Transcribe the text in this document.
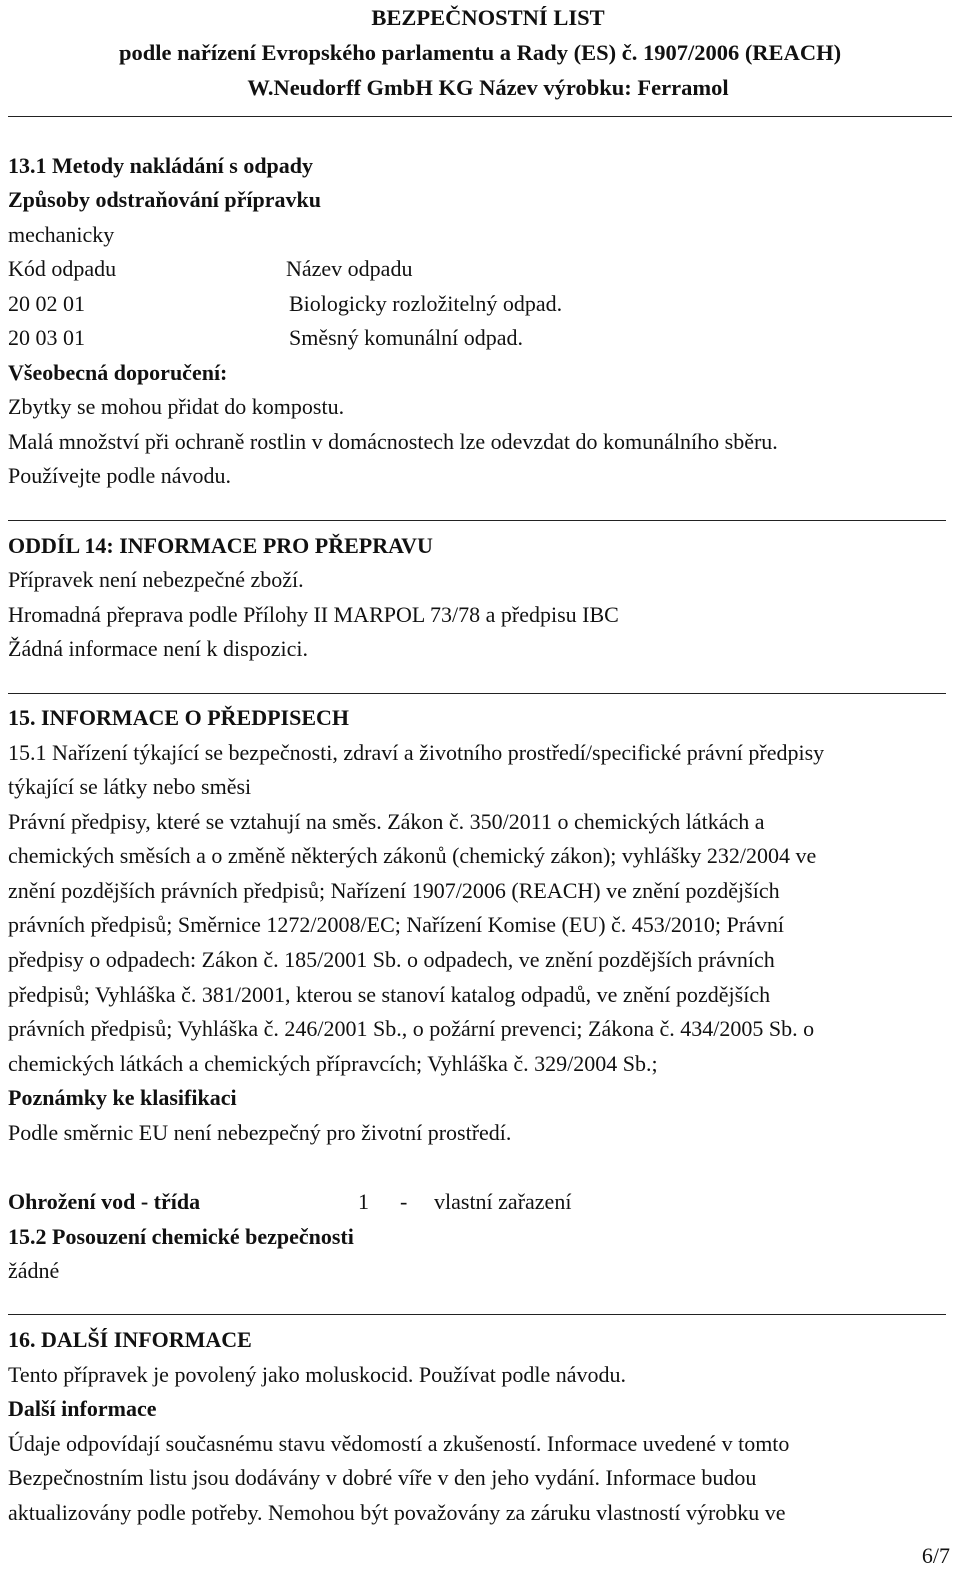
BEZPEČNOSTNÍ LIST
podle nařízení Evropského parlamentu a Rady (ES) č. 1907/2006 (REACH)
W.Neudorff GmbH KG Název výrobku: Ferramol
13.1 Metody nakládání s odpady
Způsoby odstraňování přípravku
mechanicky
Kód odpadu	Název odpadu
20 02 01	Biologicky rozložitelný odpad.
20 03 01	Směsný komunální odpad.
Všeobecná doporučení:
Zbytky se mohou přidat do kompostu.
Malá množství při ochraně rostlin v domácnostech lze odevzdat do komunálního sběru.
Používejte podle návodu.
ODDÍL 14: INFORMACE PRO PŘEPRAVU
Přípravek není nebezpečné zboží.
Hromadná přeprava podle Přílohy II MARPOL 73/78 a předpisu IBC
Žádná informace není k dispozici.
15. INFORMACE O PŘEDPISECH
15.1 Nařízení týkající se bezpečnosti, zdraví a životního prostředí/specifické právní předpisy
týkající se látky nebo směsi
Právní předpisy, které se vztahují na směs. Zákon č. 350/2011 o chemických látkách a
chemických směsích a o změně některých zákonů (chemický zákon); vyhlášky 232/2004 ve
znění pozdějších právních předpisů; Nařízení 1907/2006 (REACH) ve znění pozdějších
právních předpisů; Směrnice 1272/2008/EC; Nařízení Komise (EU) č. 453/2010; Právní
předpisy o odpadech: Zákon č. 185/2001 Sb. o odpadech, ve znění pozdějších právních
předpisů; Vyhláška č. 381/2001, kterou se stanoví katalog odpadů, ve znění pozdějších
právních předpisů; Vyhláška č. 246/2001 Sb., o požární prevenci; Zákona č. 434/2005 Sb. o
chemických látkách a chemických přípravcích; Vyhláška č. 329/2004 Sb.;
Poznámky ke klasifikaci
Podle směrnic EU není nebezpečný pro životní prostředí.
Ohrožení vod - třída	1 - vlastní zařazení
15.2 Posouzení chemické bezpečnosti
žádné
16. DALŠÍ INFORMACE
Tento přípravek je povolený jako moluskocid. Používat podle návodu.
Další informace
Údaje odpovídají současnému stavu vědomostí a zkušeností. Informace uvedené v tomto
Bezpečnostním listu jsou dodávány v dobré víře v den jeho vydání. Informace budou
aktualizovány podle potřeby. Nemohou být považovány za záruku vlastností výrobku ve
6/7
